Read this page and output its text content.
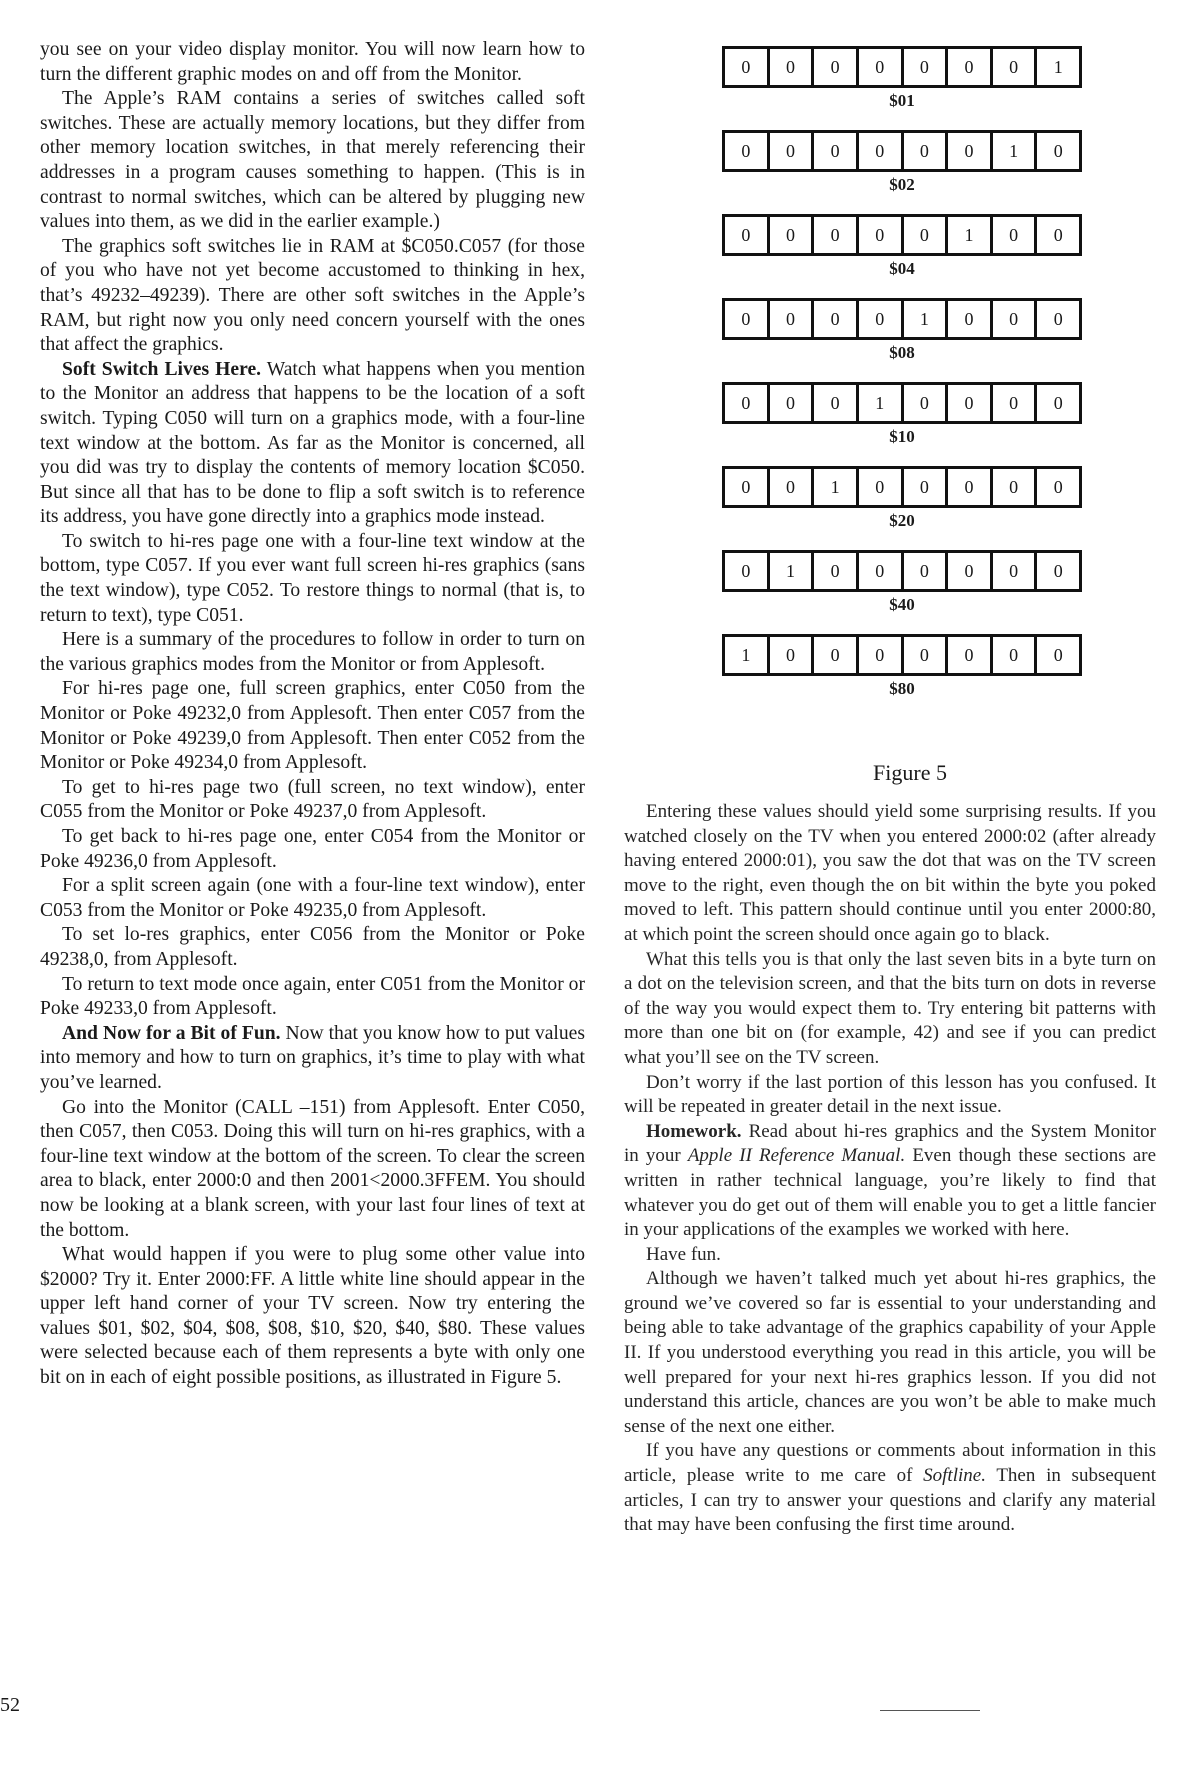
you see on your video display monitor. You will now learn how to turn the different graphic modes on and off from the Monitor.

The Apple’s RAM contains a series of switches called soft switches. These are actually memory locations, but they differ from other memory location switches, in that merely referencing their addresses in a program causes something to happen. (This is in contrast to normal switches, which can be altered by plugging new values into them, as we did in the earlier example.)

The graphics soft switches lie in RAM at $C050.C057 (for those of you who have not yet become accustomed to thinking in hex, that’s 49232–49239). There are other soft switches in the Apple’s RAM, but right now you only need concern yourself with the ones that affect the graphics.

Soft Switch Lives Here. Watch what happens when you mention to the Monitor an address that happens to be the location of a soft switch. Typing C050 will turn on a graphics mode, with a four-line text window at the bottom. As far as the Monitor is concerned, all you did was try to display the contents of memory location $C050. But since all that has to be done to flip a soft switch is to reference its address, you have gone directly into a graphics mode instead.

To switch to hi-res page one with a four-line text window at the bottom, type C057. If you ever want full screen hi-res graphics (sans the text window), type C052. To restore things to normal (that is, to return to text), type C051.

Here is a summary of the procedures to follow in order to turn on the various graphics modes from the Monitor or from Applesoft.

For hi-res page one, full screen graphics, enter C050 from the Monitor or Poke 49232,0 from Applesoft. Then enter C057 from the Monitor or Poke 49239,0 from Applesoft. Then enter C052 from the Monitor or Poke 49234,0 from Applesoft.

To get to hi-res page two (full screen, no text window), enter C055 from the Monitor or Poke 49237,0 from Applesoft.

To get back to hi-res page one, enter C054 from the Monitor or Poke 49236,0 from Applesoft.

For a split screen again (one with a four-line text window), enter C053 from the Monitor or Poke 49235,0 from Applesoft.

To set lo-res graphics, enter C056 from the Monitor or Poke 49238,0, from Applesoft.

To return to text mode once again, enter C051 from the Monitor or Poke 49233,0 from Applesoft.

And Now for a Bit of Fun. Now that you know how to put values into memory and how to turn on graphics, it’s time to play with what you’ve learned.

Go into the Monitor (CALL –151) from Applesoft. Enter C050, then C057, then C053. Doing this will turn on hi-res graphics, with a four-line text window at the bottom of the screen. To clear the screen area to black, enter 2000:0 and then 2001<2000.3FFEM. You should now be looking at a blank screen, with your last four lines of text at the bottom.

What would happen if you were to plug some other value into $2000? Try it. Enter 2000:FF. A little white line should appear in the upper left hand corner of your TV screen. Now try entering the values $01, $02, $04, $08, $08, $10, $20, $40, $80. These values were selected because each of them represents a byte with only one bit on in each of eight possible positions, as illustrated in Figure 5.

0	0	0	0	0	0	0	1
$01
0	0	0	0	0	0	1	0
$02
0	0	0	0	0	1	0	0
$04
0	0	0	0	1	0	0	0
$08
0	0	0	1	0	0	0	0
$10
0	0	1	0	0	0	0	0
$20
0	1	0	0	0	0	0	0
$40
1	0	0	0	0	0	0	0
$80
Figure 5

Entering these values should yield some surprising results. If you watched closely on the TV when you entered 2000:02 (after already having entered 2000:01), you saw the dot that was on the TV screen move to the right, even though the on bit within the byte you poked moved to left. This pattern should continue until you enter 2000:80, at which point the screen should once again go to black.

What this tells you is that only the last seven bits in a byte turn on a dot on the television screen, and that the bits turn on dots in reverse of the way you would expect them to. Try entering bit patterns with more than one bit on (for example, 42) and see if you can predict what you’ll see on the TV screen.

Don’t worry if the last portion of this lesson has you confused. It will be repeated in greater detail in the next issue.

Homework. Read about hi-res graphics and the System Monitor in your Apple II Reference Manual. Even though these sections are written in rather technical language, you’re likely to find that whatever you do get out of them will enable you to get a little fancier in your applications of the examples we worked with here.

Have fun.

Although we haven’t talked much yet about hi-res graphics, the ground we’ve covered so far is essential to your understanding and being able to take advantage of the graphics capability of your Apple II. If you understood everything you read in this article, you will be well prepared for your next hi-res graphics lesson. If you did not understand this article, chances are you won’t be able to make much sense of the next one either.

If you have any questions or comments about information in this article, please write to me care of Softline. Then in subsequent articles, I can try to answer your questions and clarify any material that may have been confusing the first time around.

52
